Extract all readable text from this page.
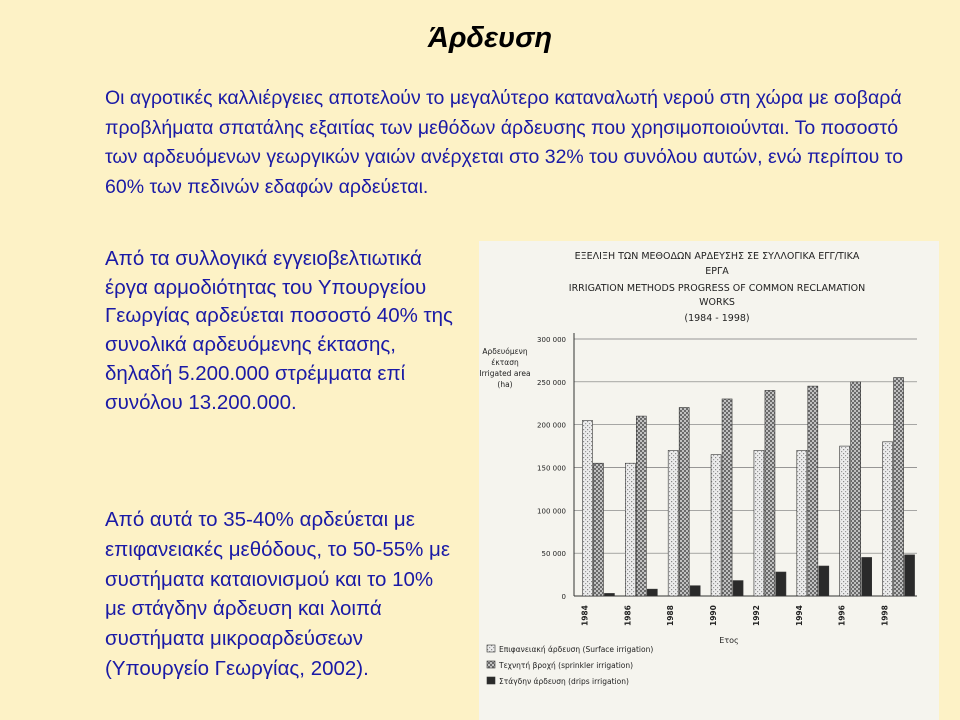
Άρδευση
Οι αγροτικές καλλιέργειες αποτελούν το μεγαλύτερο καταναλωτή νερού στη χώρα με σοβαρά προβλήματα σπατάλης εξαιτίας των μεθόδων άρδευσης που χρησιμοποιούνται. Το ποσοστό των αρδευόμενων γεωργικών γαιών ανέρχεται στο 32% του συνόλου αυτών, ενώ περίπου το 60% των πεδινών εδαφών αρδεύεται.
Από τα συλλογικά εγγειοβελτιωτικά έργα αρμοδιότητας του Υπουργείου Γεωργίας αρδεύεται ποσοστό 40% της συνολικά αρδευόμενης έκτασης, δηλαδή 5.200.000 στρέμματα επί συνόλου 13.200.000.
Από αυτά το 35-40% αρδεύεται με επιφανειακές μεθόδους, το 50-55% με συστήματα καταιονισμού και το 10% με στάγδην άρδευση και λοιπά συστήματα μικροαρδεύσεων (Υπουργείο Γεωργίας, 2002).
ΕΞΕΛΙΞΗ ΤΩΝ ΜΕΘΟΔΩΝ ΑΡΔΕΥΣΗΣ ΣΕ ΣΥΛΛΟΓΙΚΑ ΕΓΓ/ΤΙΚΑ
ΕΡΓΑ
IRRIGATION METHODS PROGRESS OF COMMON RECLAMATION
WORKS
(1984 - 1998)
Αρδευόμενη
έκταση
Irrigated area
(ha)
0
50 000
100 000
150 000
200 000
250 000
300 000
1984	1986	1988	1990	1992	1994	1996	1998
Ετος
Επιφανειακή άρδευση (Surface irrigation)
Τεχνητή βροχή (sprinkler irrigation)
Στάγδην άρδευση (drips irrigation)
